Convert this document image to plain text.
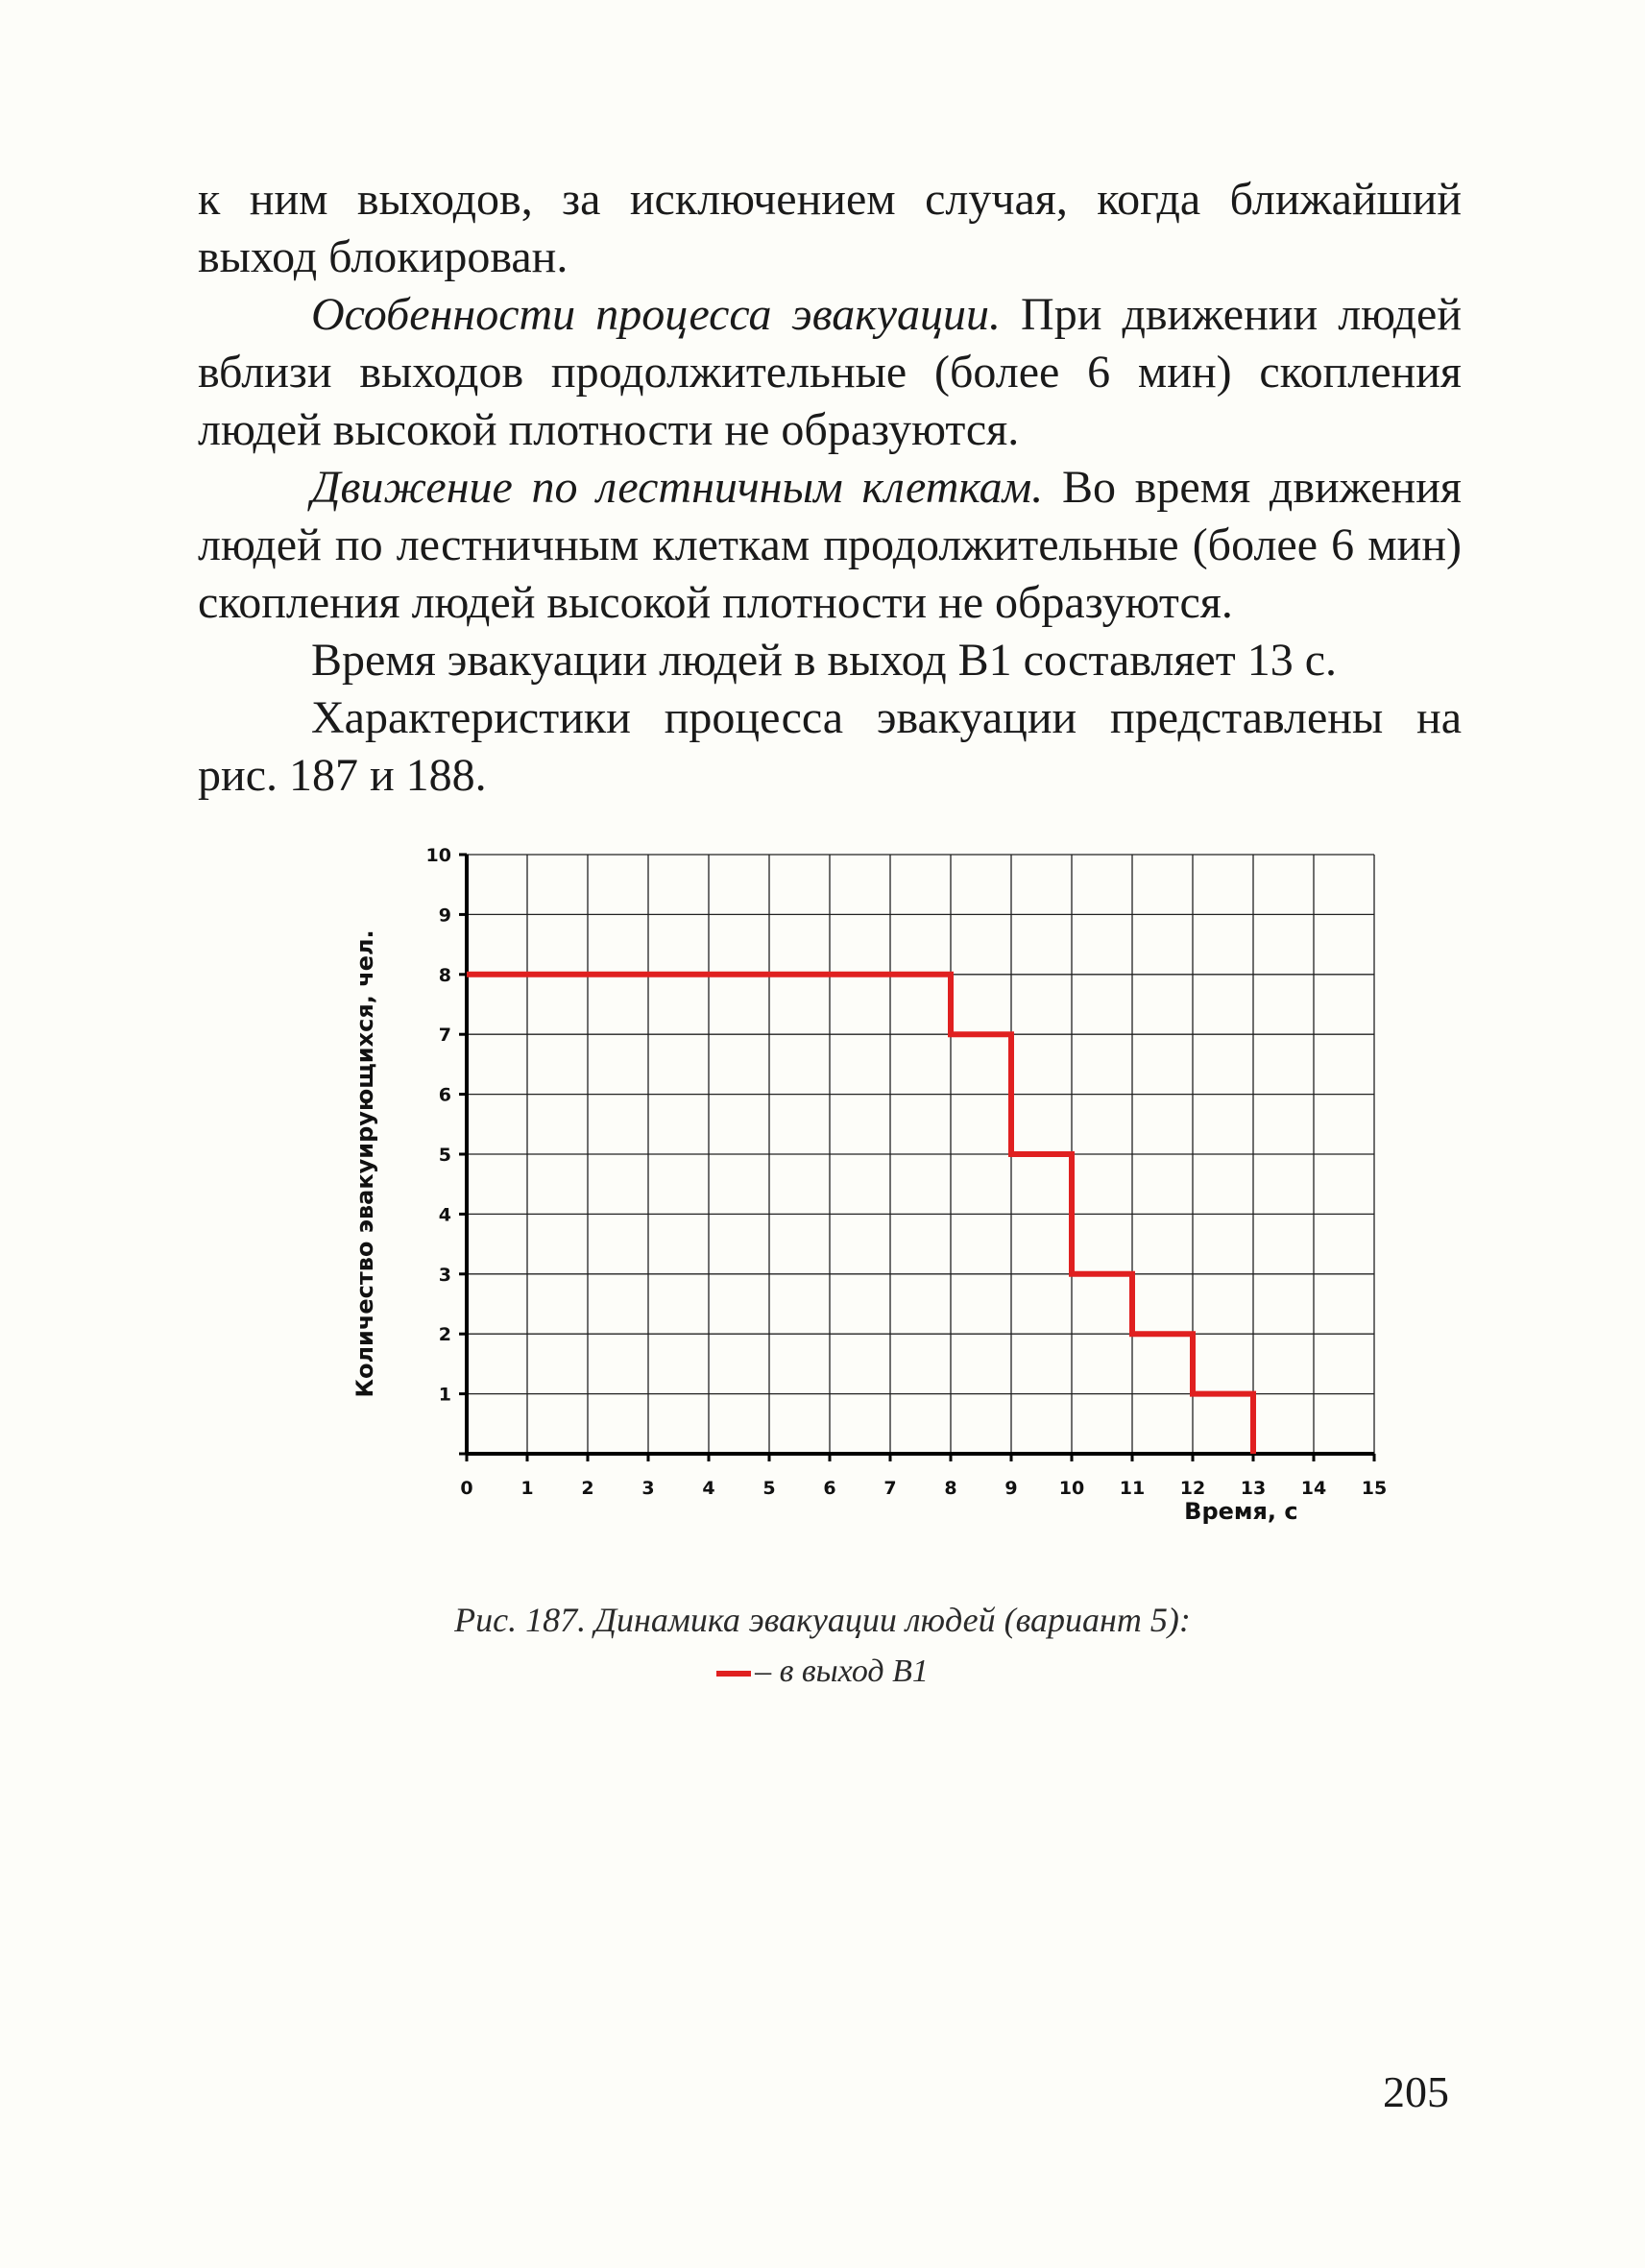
к ним выходов, за исключением случая, когда ближайший выход блокирован.

Особенности процесса эвакуации. При движении людей вблизи выходов продолжительные (более 6 мин) скопления людей высокой плотности не образуются.

Движение по лестничным клеткам. Во время движения людей по лестничным клеткам продолжительные (более 6 мин) скопления людей высокой плотности не образуются.

Время эвакуации людей в выход В1 составляет 13 с.

Характеристики процесса эвакуации представлены на рис. 187 и 188.

0	1	2	3	4	5	6	7	8	9 10 11 12 13 14 15
1
2
3
4
5
6
7
8
9
10
Количество эвакуирующихся, чел.
Время, с
Рис. 187. Динамика эвакуации людей (вариант 5):
– в выход В1
205
